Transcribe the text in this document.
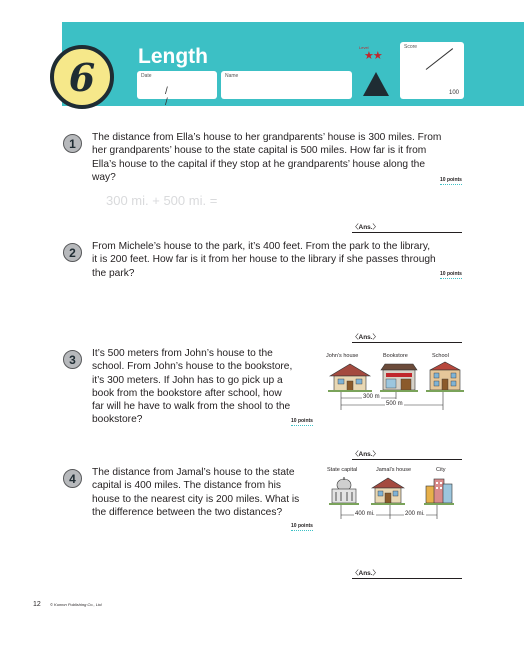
6 Length
Date
/ /
Name
Level
★★
Score
100
1	The distance from Ella’s house to her grandparents’ house is 300 miles. From
her grandparents’ house to the state capital is 500 miles. How far is it from
Ella’s house to the capital if they stop at he grandparents’ house along the
way?	10 points
300 mi. + 500 mi. =
〈Ans.〉
2	From Michele’s house to the park, it’s 400 feet. From the park to the library,
it is 200 feet. How far is it from her house to the library if she passes through
the park?	10 points
〈Ans.〉
3	It’s 500 meters from John’s house to the
school. From John’s house to the bookstore,
it’s 300 meters. If John has to go pick up a
book from the bookstore after school, how
far will he have to walk from the shool to the
bookstore?	10 points
John’s house	Bookstore	School
300 m
500 m
〈Ans.〉
4	The distance from Jamal’s house to the state
capital is 400 miles. The distance from his
house to the nearest city is 200 miles. What is
the difference between the two distances?
10 points
State capital	Jamal’s house	City
400 mi.	200 mi.
〈Ans.〉
12 © Kumon Publishing Co., Ltd.
